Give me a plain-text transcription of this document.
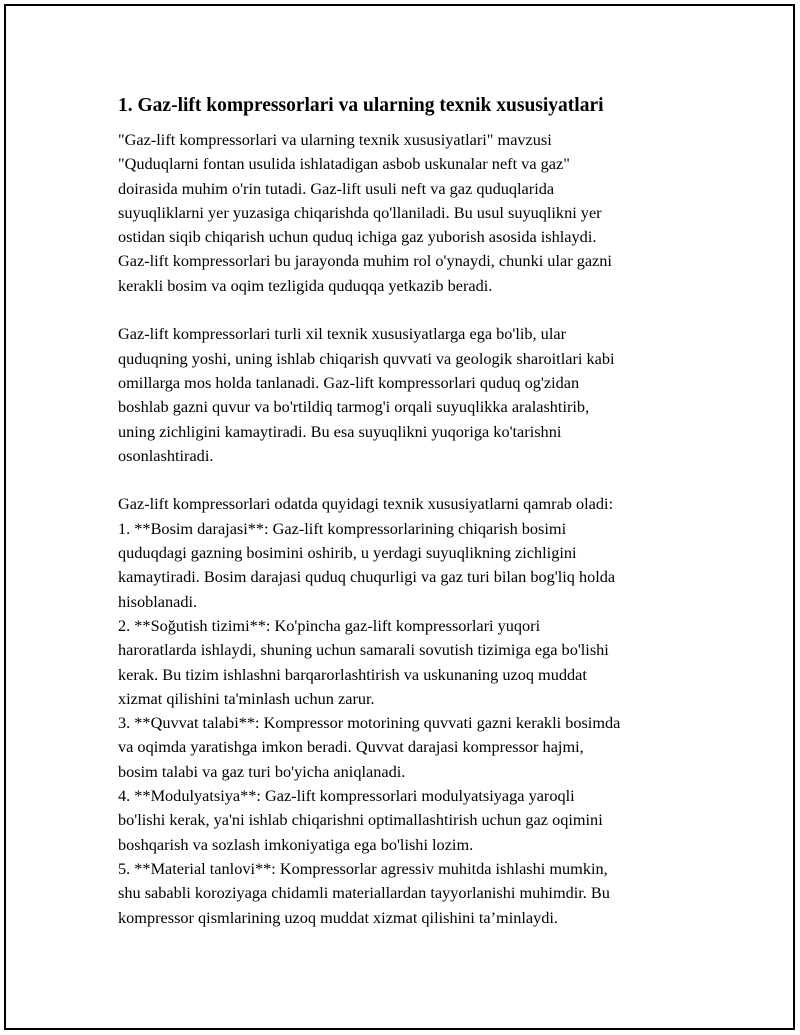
1. Gaz-lift kompressorlari va ularning texnik xususiyatlari

"Gaz-lift kompressorlari va ularning texnik xususiyatlari" mavzusi
"Quduqlarni fontan usulida ishlatadigan asbob uskunalar neft va gaz"
doirasida muhim o'rin tutadi. Gaz-lift usuli neft va gaz quduqlarida
suyuqliklarni yer yuzasiga chiqarishda qo'llaniladi. Bu usul suyuqlikni yer
ostidan siqib chiqarish uchun quduq ichiga gaz yuborish asosida ishlaydi.
Gaz-lift kompressorlari bu jarayonda muhim rol o'ynaydi, chunki ular gazni
kerakli bosim va oqim tezligida quduqqa yetkazib beradi.

Gaz-lift kompressorlari turli xil texnik xususiyatlarga ega bo'lib, ular
quduqning yoshi, uning ishlab chiqarish quvvati va geologik sharoitlari kabi
omillarga mos holda tanlanadi. Gaz-lift kompressorlari quduq og'zidan
boshlab gazni quvur va bo'rtildiq tarmog'i orqali suyuqlikka aralashtirib,
uning zichligini kamaytiradi. Bu esa suyuqlikni yuqoriga ko'tarishni
osonlashtiradi.

Gaz-lift kompressorlari odatda quyidagi texnik xususiyatlarni qamrab oladi:
1. **Bosim darajasi**: Gaz-lift kompressorlarining chiqarish bosimi
quduqdagi gazning bosimini oshirib, u yerdagi suyuqlikning zichligini
kamaytiradi. Bosim darajasi quduq chuqurligi va gaz turi bilan bog'liq holda
hisoblanadi.
2. **Soğutish tizimi**: Ko'pincha gaz-lift kompressorlari yuqori
haroratlarda ishlaydi, shuning uchun samarali sovutish tizimiga ega bo'lishi
kerak. Bu tizim ishlashni barqarorlashtirish va uskunaning uzoq muddat
xizmat qilishini ta'minlash uchun zarur.
3. **Quvvat talabi**: Kompressor motorining quvvati gazni kerakli bosimda
va oqimda yaratishga imkon beradi. Quvvat darajasi kompressor hajmi,
bosim talabi va gaz turi bo'yicha aniqlanadi.
4. **Modulyatsiya**: Gaz-lift kompressorlari modulyatsiyaga yaroqli
bo'lishi kerak, ya'ni ishlab chiqarishni optimallashtirish uchun gaz oqimini
boshqarish va sozlash imkoniyatiga ega bo'lishi lozim.
5. **Material tanlovi**: Kompressorlar agressiv muhitda ishlashi mumkin,
shu sababli koroziyaga chidamli materiallardan tayyorlanishi muhimdir. Bu
kompressor qismlarining uzoq muddat xizmat qilishini ta’minlaydi.
